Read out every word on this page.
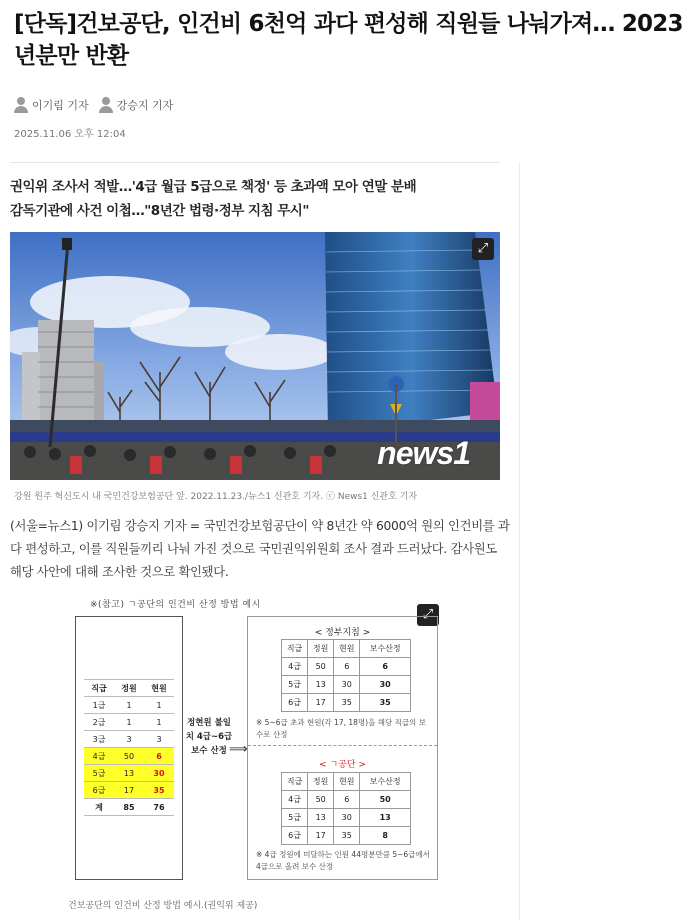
[단독]건보공단, 인건비 6천억 과다 편성해 직원들 나눠가져… 2023년분만 반환
이기림 기자	강승지 기자
2025.11.06 오후 12:04
권익위 조사서 적발…'4급 월급 5급으로 책정' 등 초과액 모아 연말 분배
감독기관에 사건 이첩…"8년간 법령·정부 지침 무시"
⤢
news1
강원 원주 혁신도시 내 국민건강보험공단 앞. 2022.11.23./뉴스1 신관호 기자. ⓒ News1 신관호 기자

(서울=뉴스1) 이기림 강승지 기자 = 국민건강보험공단이 약 8년간 약 6000억 원의 인건비를 과다 편성하고, 이를 직원들끼리 나눠 가진 것으로 국민권익위원회 조사 결과 드러났다. 감사원도 해당 사안에 대해 조사한 것으로 확인됐다.

※(참고) ㄱ공단의 인건비 산정 방법 예시
⤢
직급	정원	현원
1급	1	1
2급	1	1
3급	3	3
4급	50	6
5급	13	30
6급	17	35
계	85	76
정현원 불일치 4급~6급 보수 산정 ⟹
< 정부지침 >
직급	정원	현원	보수산정
4급	50	6	6
5급	13	30	30
6급	17	35	35
※ 5~6급 초과 현원(각 17, 18명)을 해당 직급의 보수로 산정
< ㄱ공단 >
직급	정원	현원	보수산정
4급	50	6	50
5급	13	30	13
6급	17	35	8
※ 4급 정원에 미달하는 인원 44명분만큼 5~6급에서 4급으로 올려 보수 산정
건보공단의 인건비 산정 방법 예시.(권익위 제공)
